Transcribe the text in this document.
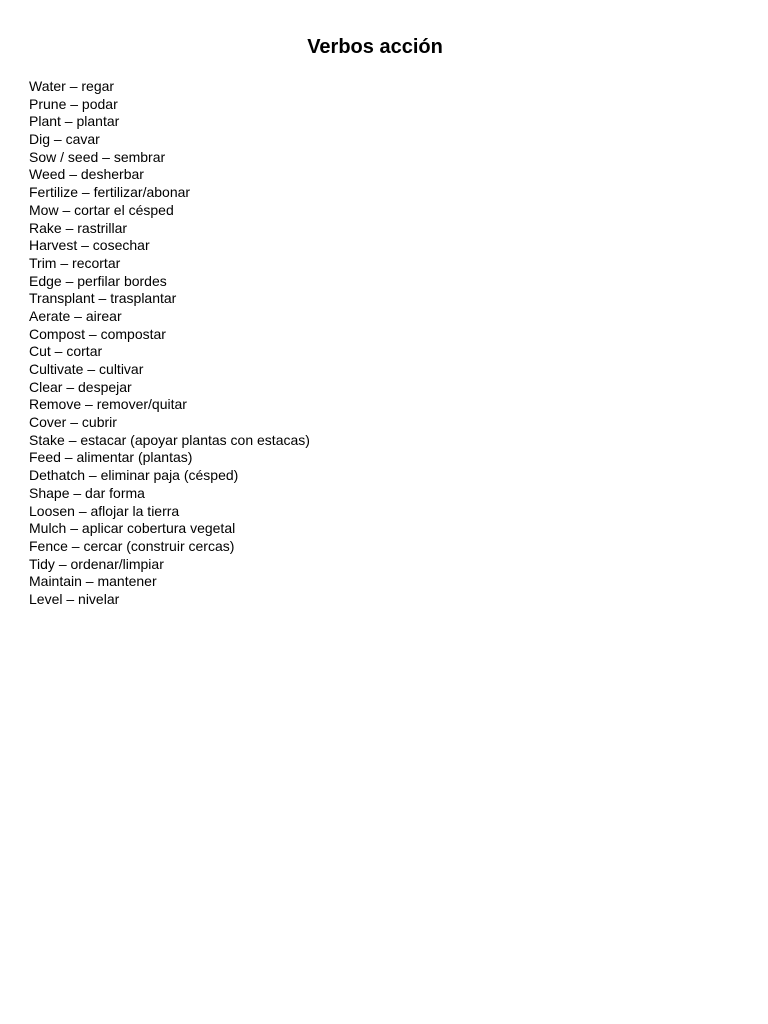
Verbos acción
Water – regar
Prune – podar
Plant – plantar
Dig – cavar
Sow / seed – sembrar
Weed – desherbar
Fertilize – fertilizar/abonar
Mow – cortar el césped
Rake – rastrillar
Harvest – cosechar
Trim – recortar
Edge – perfilar bordes
Transplant – trasplantar
Aerate – airear
Compost – compostar
Cut – cortar
Cultivate – cultivar
Clear – despejar
Remove – remover/quitar
Cover – cubrir
Stake – estacar (apoyar plantas con estacas)
Feed – alimentar (plantas)
Dethatch – eliminar paja (césped)
Shape – dar forma
Loosen – aflojar la tierra
Mulch – aplicar cobertura vegetal
Fence – cercar (construir cercas)
Tidy – ordenar/limpiar
Maintain – mantener
Level – nivelar
